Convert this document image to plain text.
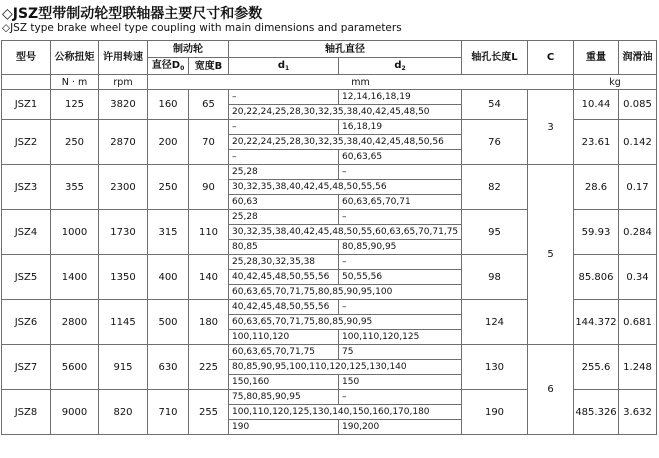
◇JSZ型带制动轮型联轴器主要尺寸和参数
◇JSZ type brake wheel type coupling with main dimensions and parameters
型号	公称扭矩	许用转速	制动轮		轴孔直径		轴孔长度L	C	重量	润滑油
			直径$D_0$	宽度B	$d_1$	$d_2$
	N · m	rpm	mm						kg	
JSZ1	125	3820	160	65	–	12,14,16,18,19	54	3	10.44	0.085
					20,22,24,25,28,30,32,35,38,40,42,45,48,50					
JSZ2	250	2870	200	70	–	16,18,19	76		23.61	0.142
					20,22,24,25,28,30,32,35,38,40,42,45,48,50,56					
					–	60,63,65				
JSZ3	355	2300	250	90	25,28	–	82	5	28.6	0.17
					30,32,35,38,40,42,45,48,50,55,56					
					60,63	60,63,65,70,71				
JSZ4	1000	1730	315	110	25,28	–	95		59.93	0.284
					30,32,35,38,40,42,45,48,50,55,60,63,65,70,71,75					
					80,85	80,85,90,95				
JSZ5	1400	1350	400	140	25,28,30,32,35,38	–	98		85.806	0.34
					40,42,45,48,50,55,56	50,55,56				
					60,63,65,70,71,75,80,85,90,95,100					
JSZ6	2800	1145	500	180	40,42,45,48,50,55,56	–	124		144.372	0.681
					60,63,65,70,71,75,80,85,90,95					
					100,110,120	100,110,120,125				
JSZ7	5600	915	630	225	60,63,65,70,71,75	75	130	6	255.6	1.248
					80,85,90,95,100,110,120,125,130,140					
					150,160	150				
JSZ8	9000	820	710	255	75,80,85,90,95	–	190		485.326	3.632
					100,110,120,125,130,140,150,160,170,180					
					190	190,200				
